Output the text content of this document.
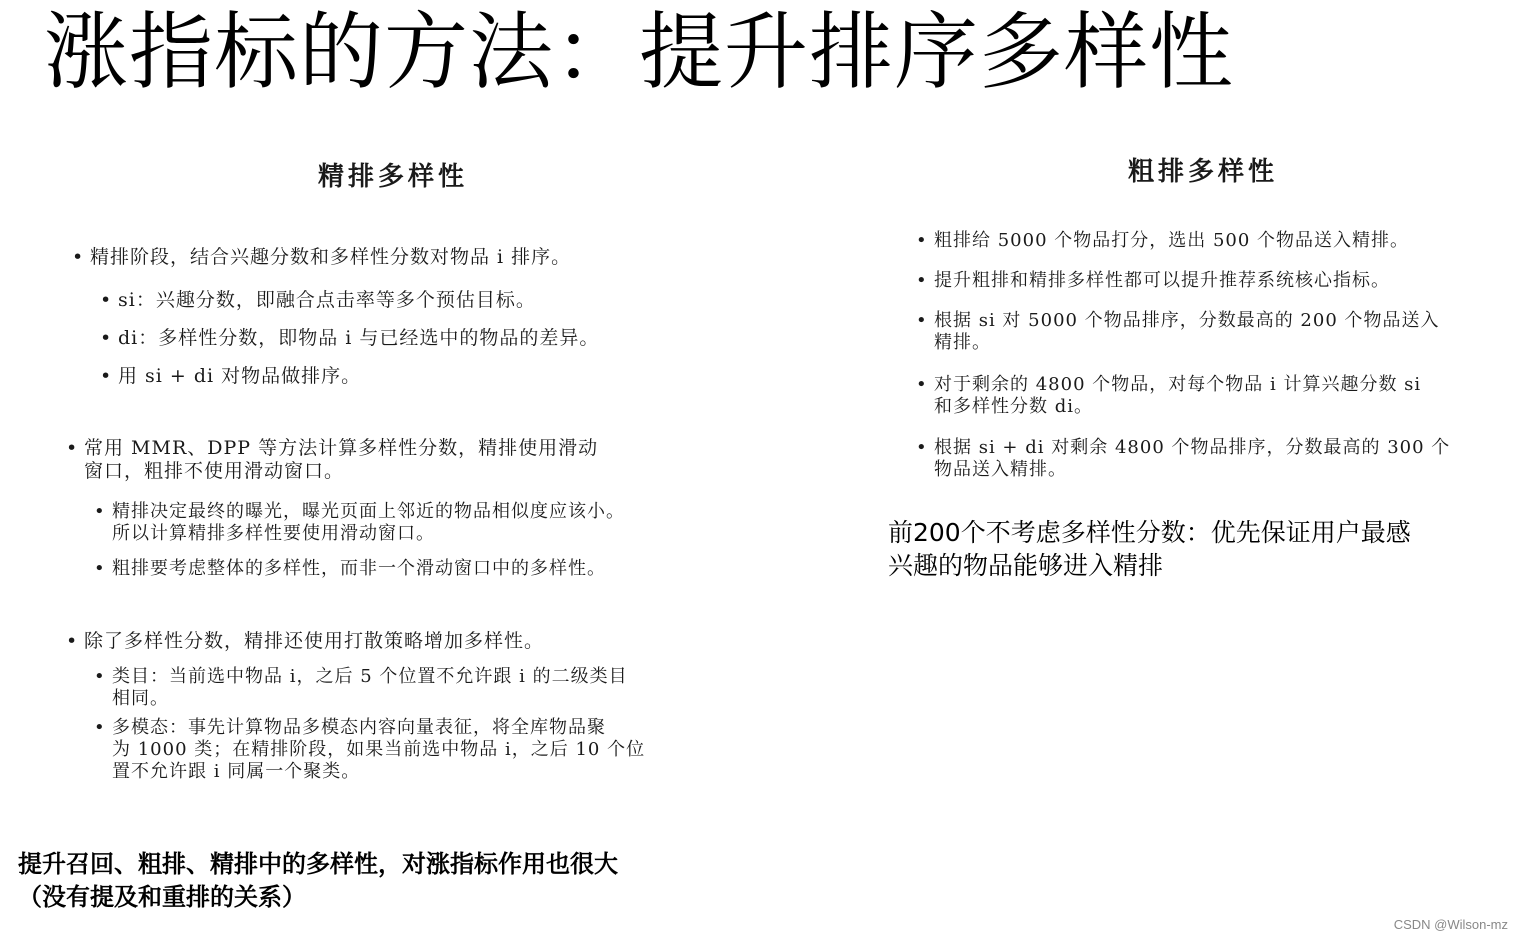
涨指标的方法：提升排序多样性
精排多样性
• 精排阶段，结合兴趣分数和多样性分数对物品 i 排序。
• si：兴趣分数，即融合点击率等多个预估目标。
• di：多样性分数，即物品 i 与已经选中的物品的差异。
• 用 si + di 对物品做排序。
• 常用 MMR、DPP 等方法计算多样性分数，精排使用滑动
窗口，粗排不使用滑动窗口。
• 精排决定最终的曝光，曝光页面上邻近的物品相似度应该小。
所以计算精排多样性要使用滑动窗口。
• 粗排要考虑整体的多样性，而非一个滑动窗口中的多样性。
• 除了多样性分数，精排还使用打散策略增加多样性。
• 类目：当前选中物品 i，之后 5 个位置不允许跟 i 的二级类目
相同。
• 多模态：事先计算物品多模态内容向量表征，将全库物品聚
为 1000 类；在精排阶段，如果当前选中物品 i，之后 10 个位
置不允许跟 i 同属一个聚类。
粗排多样性
• 粗排给 5000 个物品打分，选出 500 个物品送入精排。
• 提升粗排和精排多样性都可以提升推荐系统核心指标。
• 根据 si 对 5000 个物品排序，分数最高的 200 个物品送入
精排。
• 对于剩余的 4800 个物品，对每个物品 i 计算兴趣分数 si
和多样性分数 di。
• 根据 si + di 对剩余 4800 个物品排序，分数最高的 300 个
物品送入精排。
前200个不考虑多样性分数：优先保证用户最感
兴趣的物品能够进入精排
提升召回、粗排、精排中的多样性，对涨指标作用也很大
（没有提及和重排的关系）
CSDN @Wilson-mz
